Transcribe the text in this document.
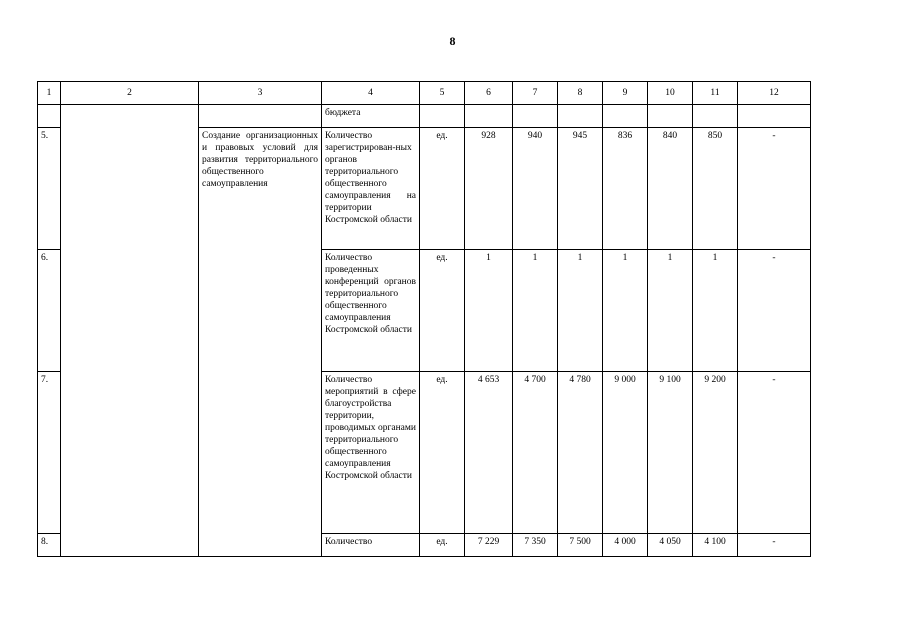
8
1	2	3	4	5	6	7	8	9	10	11	12
			бюджета								
5.		Создание организационных и правовых условий для развития территориального общественного самоуправления	Количество зарегистрирован-ных органов территориального общественного самоуправления на территории Костромской области	ед.	928	940	945	836	840	850	-
6.			Количество проведенных конференций органов территориального общественного самоуправления Костромской области	ед.	1	1	1	1	1	1	-
7.			Количество мероприятий в сфере благоустройства территории, проводимых органами территориального общественного самоуправления Костромской области	ед.	4 653	4 700	4 780	9 000	9 100	9 200	-
8.			Количество	ед.	7 229	7 350	7 500	4 000	4 050	4 100	-
